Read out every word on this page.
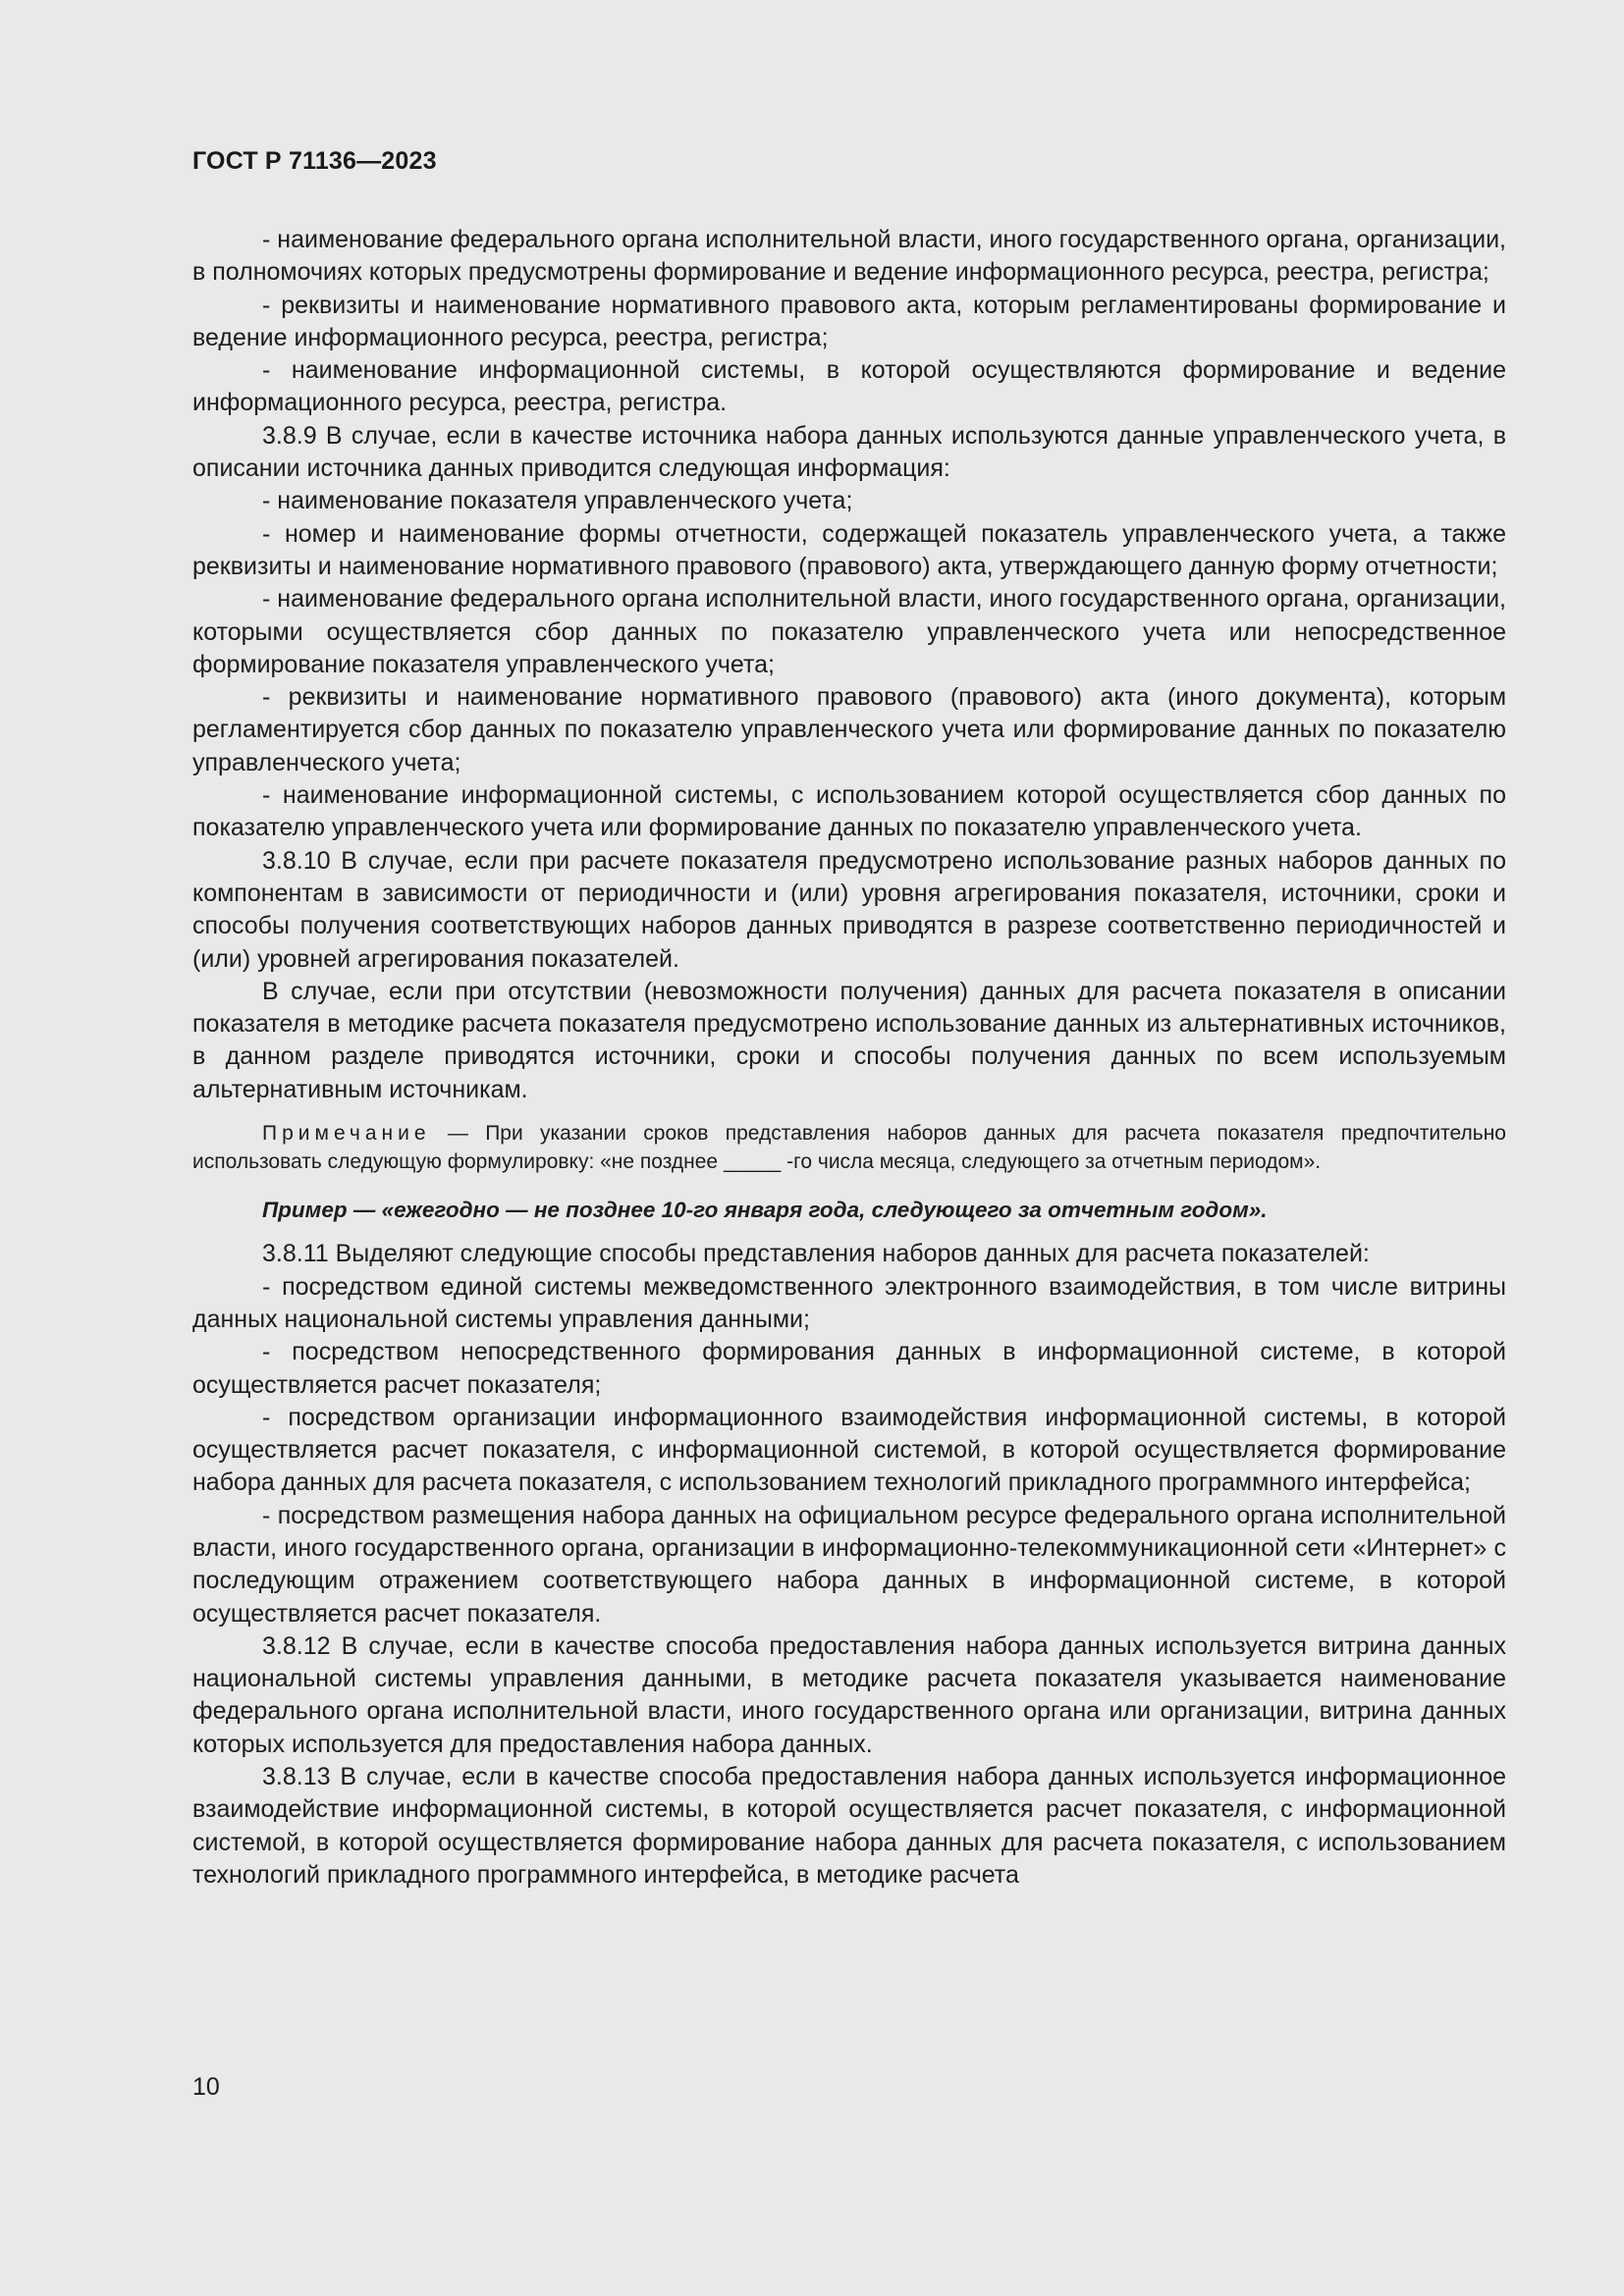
ГОСТ Р 71136—2023

- наименование федерального органа исполнительной власти, иного государственного органа, организации, в полномочиях которых предусмотрены формирование и ведение информационного ресурса, реестра, регистра;

- реквизиты и наименование нормативного правового акта, которым регламентированы формирование и ведение информационного ресурса, реестра, регистра;

- наименование информационной системы, в которой осуществляются формирование и ведение информационного ресурса, реестра, регистра.

3.8.9 В случае, если в качестве источника набора данных используются данные управленческого учета, в описании источника данных приводится следующая информация:

- наименование показателя управленческого учета;

- номер и наименование формы отчетности, содержащей показатель управленческого учета, а также реквизиты и наименование нормативного правового (правового) акта, утверждающего данную форму отчетности;

- наименование федерального органа исполнительной власти, иного государственного органа, организации, которыми осуществляется сбор данных по показателю управленческого учета или непосредственное формирование показателя управленческого учета;

- реквизиты и наименование нормативного правового (правового) акта (иного документа), которым регламентируется сбор данных по показателю управленческого учета или формирование данных по показателю управленческого учета;

- наименование информационной системы, с использованием которой осуществляется сбор данных по показателю управленческого учета или формирование данных по показателю управленческого учета.

3.8.10 В случае, если при расчете показателя предусмотрено использование разных наборов данных по компонентам в зависимости от периодичности и (или) уровня агрегирования показателя, источники, сроки и способы получения соответствующих наборов данных приводятся в разрезе соответственно периодичностей и (или) уровней агрегирования показателей.

В случае, если при отсутствии (невозможности получения) данных для расчета показателя в описании показателя в методике расчета показателя предусмотрено использование данных из альтернативных источников, в данном разделе приводятся источники, сроки и способы получения данных по всем используемым альтернативным источникам.

Примечание — При указании сроков представления наборов данных для расчета показателя предпочтительно использовать следующую формулировку: «не позднее _____ -го числа месяца, следующего за отчетным периодом».

Пример — «ежегодно — не позднее 10-го января года, следующего за отчетным годом».

3.8.11 Выделяют следующие способы представления наборов данных для расчета показателей:

- посредством единой системы межведомственного электронного взаимодействия, в том числе витрины данных национальной системы управления данными;

- посредством непосредственного формирования данных в информационной системе, в которой осуществляется расчет показателя;

- посредством организации информационного взаимодействия информационной системы, в которой осуществляется расчет показателя, с информационной системой, в которой осуществляется формирование набора данных для расчета показателя, с использованием технологий прикладного программного интерфейса;

- посредством размещения набора данных на официальном ресурсе федерального органа исполнительной власти, иного государственного органа, организации в информационно-телекоммуникационной сети «Интернет» с последующим отражением соответствующего набора данных в информационной системе, в которой осуществляется расчет показателя.

3.8.12 В случае, если в качестве способа предоставления набора данных используется витрина данных национальной системы управления данными, в методике расчета показателя указывается наименование федерального органа исполнительной власти, иного государственного органа или организации, витрина данных которых используется для предоставления набора данных.

3.8.13 В случае, если в качестве способа предоставления набора данных используется информационное взаимодействие информационной системы, в которой осуществляется расчет показателя, с информационной системой, в которой осуществляется формирование набора данных для расчета показателя, с использованием технологий прикладного программного интерфейса, в методике расчета

10
